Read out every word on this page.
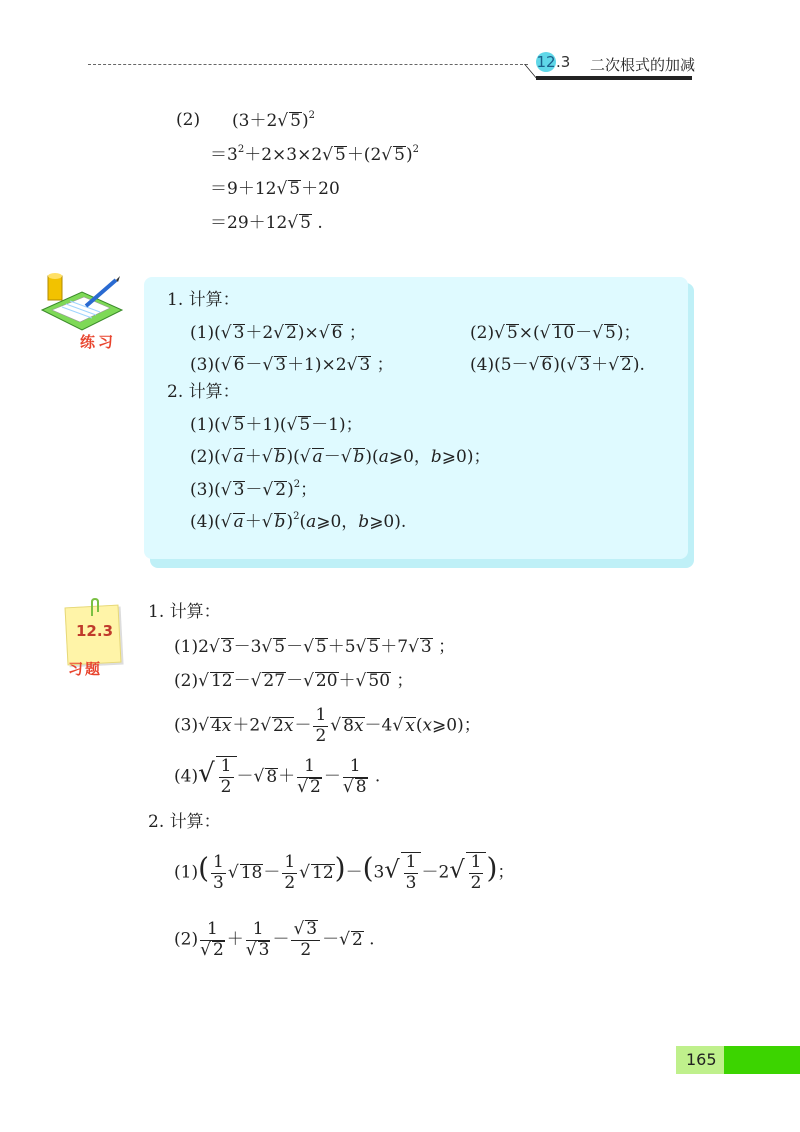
12.3 二次根式的加减
(2) (3＋2√ 5)$^2$
$=3^2+2\times 3\times 2√$ 5＋(2√ 5)$^2$
＝9＋12√ 5＋20
＝29＋12√ 5 .
练习
1. 计算：
(1)(√ 3＋2√ 2)×√ 6 ；	(2)√ 5×(√ 10－√ 5)；
(3)(√ 6－√ 3＋1)×2√ 3 ；	(4)(5－√ 6)(√ 3＋√ 2).
2. 计算：
(1)(√ 5＋1)(√ 5－1)；
(2)(√ a＋√ b)(√ a－√ b)(a⩾0，b⩾0)；
(3)(√ 3－√ 2)$^2$；
(4)(√ a＋√ b)$^2$(a⩾0，b⩾0).
12.3
习题
1. 计算：
(1)2√ 3－3√ 5－√ 5＋5√ 5＋7√ 3 ；
(2)√ 12－√ 27－√ 20＋√ 50 ；
(3)√ 4x＋2√ $2x- \frac{1}{2}$ √ 8x－4√ x(x⩾0)；
$(4)√ \frac{1}{2}$ －√ $8+ \frac{1}{√ 2} - \frac{1}{√ 8}$ .
2. 计算：
$(1)( \frac{1}{3}$ √ $18- \frac{1}{2}$ √ $12)-(3√ \frac{1}{3} -2√ \frac{1}{2}$ )；
$(2) \frac{1}{√ 2} + \frac{1}{√ 3} - \frac{√ 3}{2}$ －√ 2 .
165
